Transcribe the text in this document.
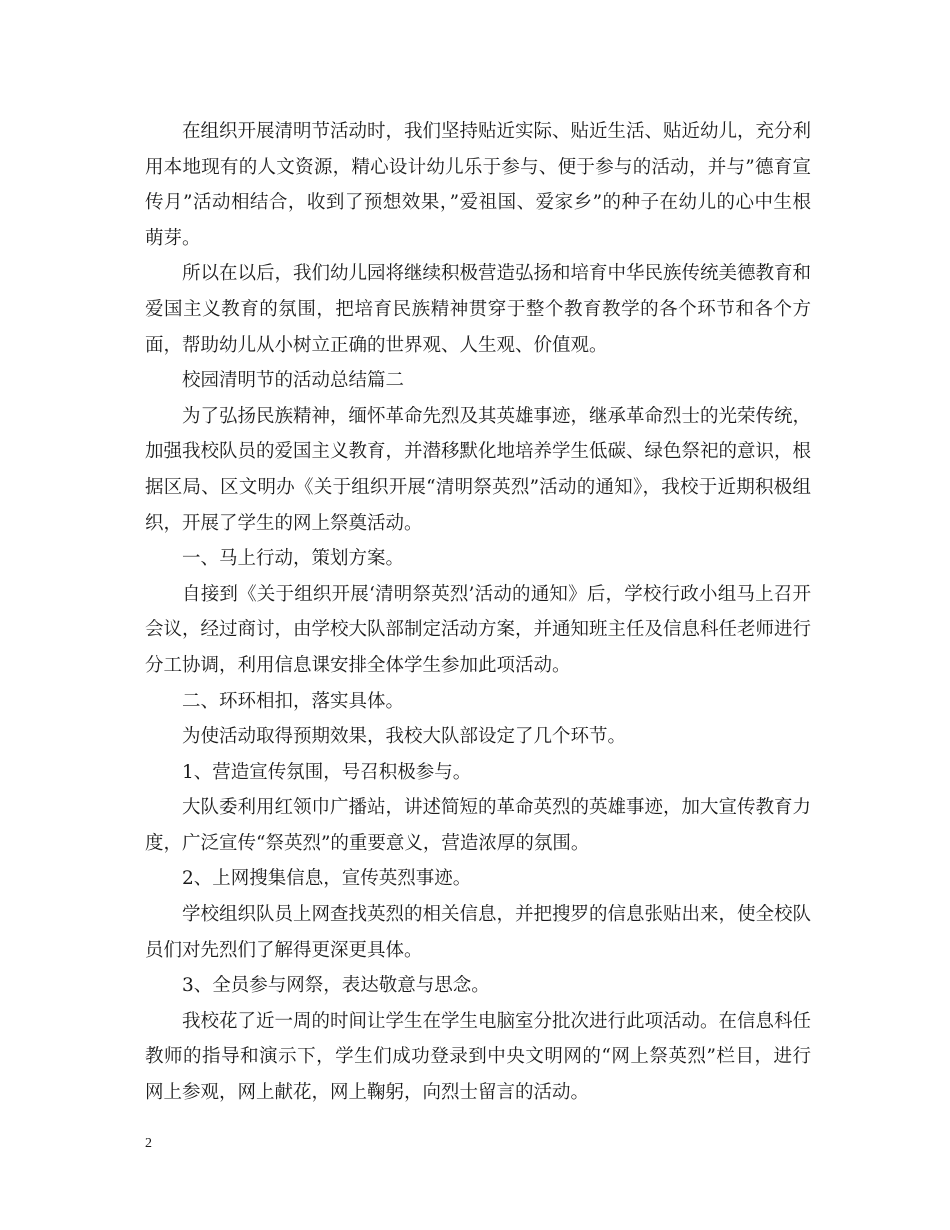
在组织开展清明节活动时，我们坚持贴近实际、贴近生活、贴近幼儿，充分利用本地现有的人文资源，精心设计幼儿乐于参与、便于参与的活动，并与”德育宣传月”活动相结合，收到了预想效果，”爱祖国、爱家乡”的种子在幼儿的心中生根萌芽。

所以在以后，我们幼儿园将继续积极营造弘扬和培育中华民族传统美德教育和爱国主义教育的氛围，把培育民族精神贯穿于整个教育教学的各个环节和各个方面，帮助幼儿从小树立正确的世界观、人生观、价值观。

校园清明节的活动总结篇二

为了弘扬民族精神，缅怀革命先烈及其英雄事迹，继承革命烈士的光荣传统，加强我校队员的爱国主义教育，并潜移默化地培养学生低碳、绿色祭祀的意识，根据区局、区文明办《关于组织开展“清明祭英烈”活动的通知》，我校于近期积极组织，开展了学生的网上祭奠活动。

一、马上行动，策划方案。

自接到《关于组织开展‘清明祭英烈’活动的通知》后，学校行政小组马上召开会议，经过商讨，由学校大队部制定活动方案，并通知班主任及信息科任老师进行分工协调，利用信息课安排全体学生参加此项活动。

二、环环相扣，落实具体。

为使活动取得预期效果，我校大队部设定了几个环节。

1、营造宣传氛围，号召积极参与。

大队委利用红领巾广播站，讲述简短的革命英烈的英雄事迹，加大宣传教育力度，广泛宣传“祭英烈”的重要意义，营造浓厚的氛围。

2、上网搜集信息，宣传英烈事迹。

学校组织队员上网查找英烈的相关信息，并把搜罗的信息张贴出来，使全校队员们对先烈们了解得更深更具体。

3、全员参与网祭，表达敬意与思念。

我校花了近一周的时间让学生在学生电脑室分批次进行此项活动。在信息科任教师的指导和演示下，学生们成功登录到中央文明网的“网上祭英烈”栏目，进行网上参观，网上献花，网上鞠躬，向烈士留言的活动。

2
